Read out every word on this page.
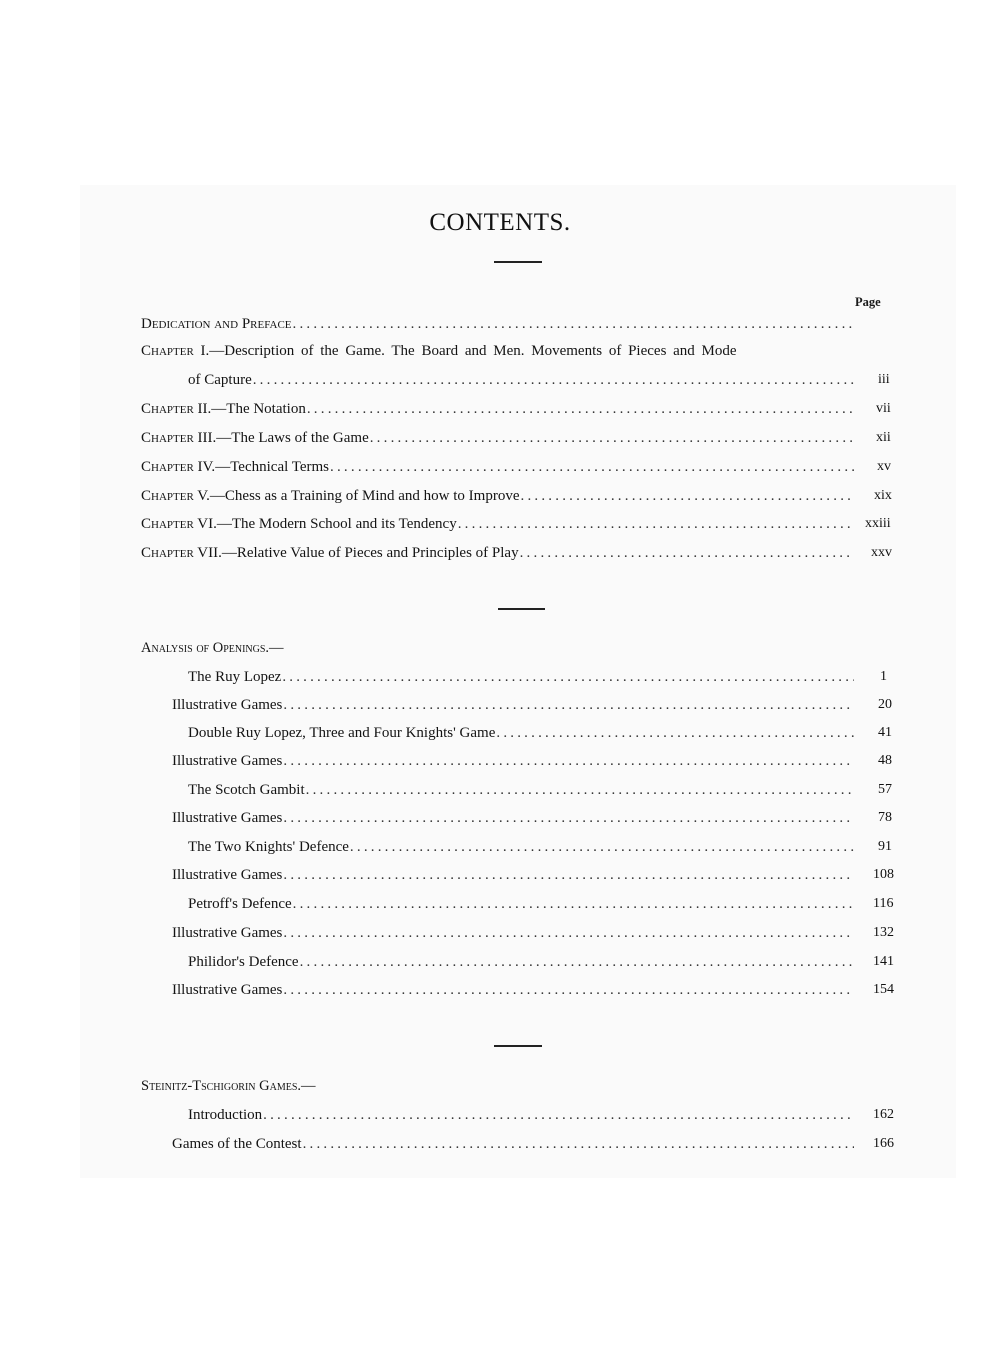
CONTENTS.
Page
Dedication and Preface
.....
Chapter I.—Description of the Game. The Board and Men. Movements of Pieces and Mode
of Capture .....	iii
Chapter II.—The Notation .....	vii
Chapter III.—The Laws of the Game .....	xii
Chapter IV.—Technical Terms .....	xv
Chapter V.—Chess as a Training of Mind and how to Improve .....	xix
Chapter VI.—The Modern School and its Tendency .....	xxiii
Chapter VII.—Relative Value of Pieces and Principles of Play .....	xxv
Analysis of Openings.—
The Ruy Lopez .....	1
Illustrative Games .....	20
Double Ruy Lopez, Three and Four Knights' Game .....	41
Illustrative Games .....	48
The Scotch Gambit .....	57
Illustrative Games .....	78
The Two Knights' Defence .....	91
Illustrative Games .....	108
Petroff's Defence .....	116
Illustrative Games .....	132
Philidor's Defence .....	141
Illustrative Games .....	154
Steinitz-Tschigorin Games.—
Introduction .....	162
Games of the Contest .....	166
